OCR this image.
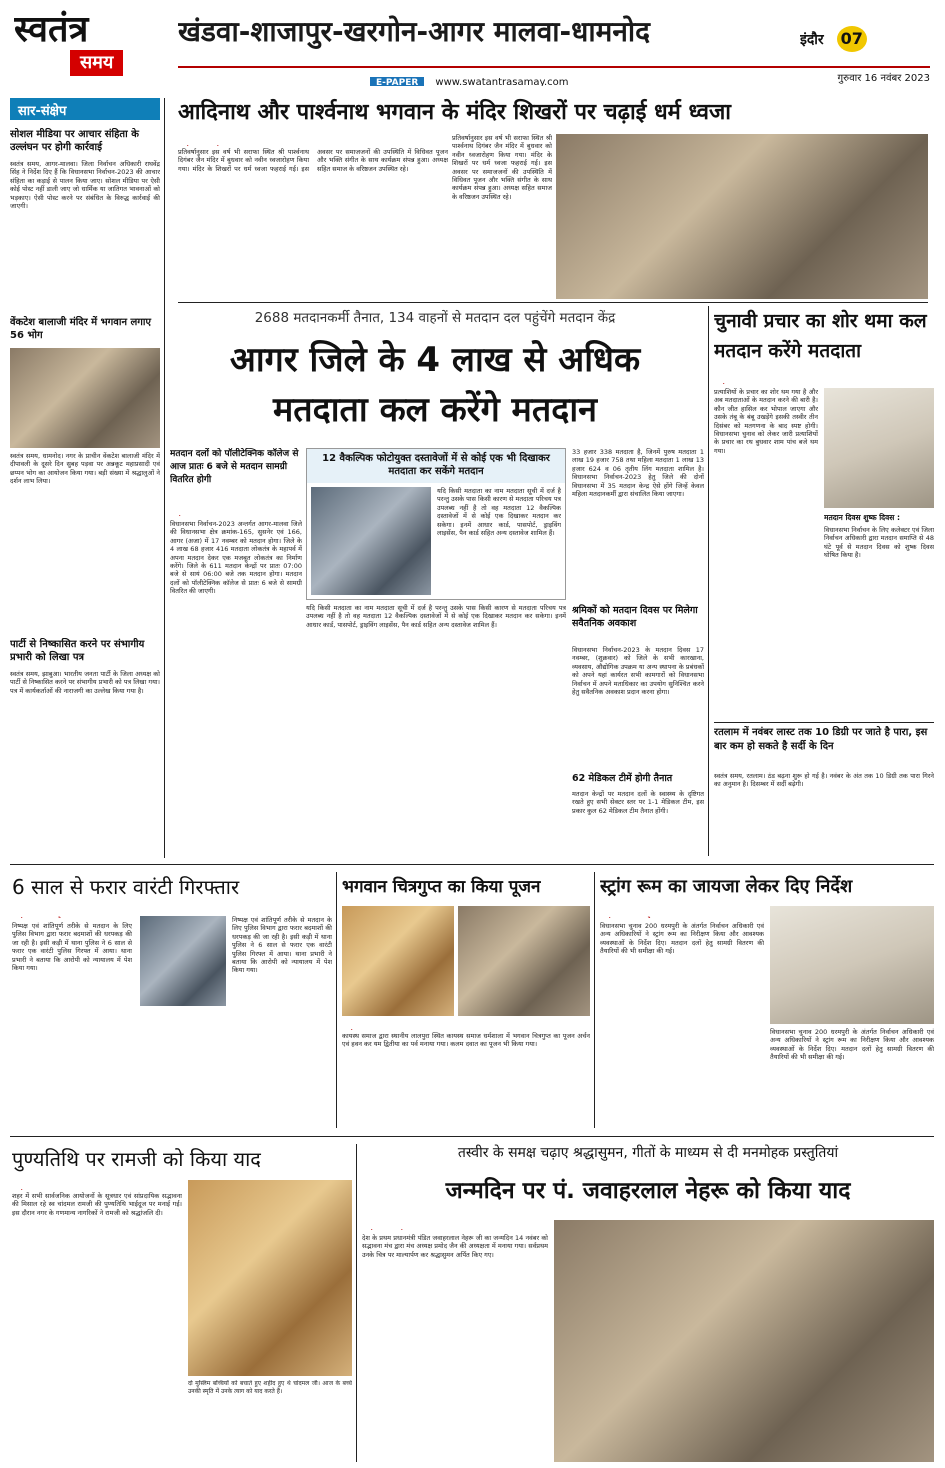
स्वतंत्र
समय
खंडवा-शाजापुर-खरगोन-आगर मालवा-धामनोद	इंदौर 07
E-PAPER www.swatantrasamay.com	गुरुवार 16 नवंबर 2023
सार-संक्षेप
सोशल मीडिया पर आचार संहिता के उल्लंघन पर होगी कार्रवाई
स्वतंत्र समय, आगर-मालवा। जिला निर्वाचन अधिकारी राघवेंद्र सिंह ने निर्देश दिए हैं कि विधानसभा निर्वाचन-2023 की आचार संहिता का कड़ाई से पालन किया जाए। सोशल मीडिया पर ऐसी कोई पोस्ट नहीं डाली जाए जो धार्मिक या जातिगत भावनाओं को भड़काए। ऐसी पोस्ट करने पर संबंधित के विरुद्ध कार्रवाई की जाएगी।
वेंकटेश बालाजी मंदिर में भगवान लगाए 56 भोग
स्वतंत्र समय, धामनोद। नगर के प्राचीन वेंकटेश बालाजी मंदिर में दीपावली के दूसरे दिन सुबह पड़वा पर अन्नकूट महाप्रसादी एवं छप्पन भोग का आयोजन किया गया। बड़ी संख्या में श्रद्धालुओं ने दर्शन लाभ लिया।
पार्टी से निष्कासित करने पर संभागीय प्रभारी को लिखा पत्र
स्वतंत्र समय, झाबुआ। भारतीय जनता पार्टी के जिला अध्यक्ष को पार्टी से निष्कासित करने पर संभागीय प्रभारी को पत्र लिखा गया। पत्र में कार्यकर्ताओं की नाराजगी का उल्लेख किया गया है।
आदिनाथ और पार्श्वनाथ भगवान के मंदिर शिखरों पर चढ़ाई धर्म ध्वजा
प्रतिवर्षानुसार इस वर्ष भी सराफा स्थित श्री पार्श्वनाथ दिगंबर जैन मंदिर में बुधवार को नवीन ध्वजारोहण किया गया। मंदिर के शिखरों पर धर्म ध्वजा फहराई गई। इस अवसर पर समाजजनों की उपस्थिति में विधिवत पूजन और भक्ति संगीत के साथ कार्यक्रम संपन्न हुआ। अध्यक्ष सहित समाज के वरिष्ठजन उपस्थित रहे।
प्रतिवर्षानुसार इस वर्ष भी सराफा स्थित श्री पार्श्वनाथ दिगंबर जैन मंदिर में बुधवार को नवीन ध्वजारोहण किया गया। मंदिर के शिखरों पर धर्म ध्वजा फहराई गई। इस अवसर पर समाजजनों की उपस्थिति में विधिवत पूजन और भक्ति संगीत के साथ कार्यक्रम संपन्न हुआ। अध्यक्ष सहित समाज के वरिष्ठजन उपस्थित रहे।
2688 मतदानकर्मी तैनात, 134 वाहनों से मतदान दल पहुंचेंगे मतदान केंद्र
आगर जिले के 4 लाख से अधिक
मतदाता कल करेंगे मतदान
मतदान दलों को पॉलीटेक्निक कॉलेज से आज प्रातः 6 बजे से मतदान सामग्री वितरित होगी
विधानसभा निर्वाचन-2023 अन्तर्गत आगर-मालवा जिले की विधानसभा क्षेत्र क्रमांक-165, सुसनेर एवं 166, आगर (अजा) में 17 नवम्बर को मतदान होगा। जिले के 4 लाख 68 हजार 416 मतदाता लोकतंत्र के महापर्व में अपना मतदान देकर एक मजबूत लोकतंत्र का निर्माण करेंगे। जिले के 611 मतदान केन्द्रों पर प्रातः 07:00 बजे से सायं 06:00 बजे तक मतदान होगा। मतदान दलों को पॉलीटेक्निक कॉलेज से प्रातः 6 बजे से सामग्री वितरित की जाएगी।
12 वैकल्पिक फोटोयुक्त दस्तावेजों में से कोई एक भी दिखाकर मतदाता कर सकेंगे मतदान
यदि किसी मतदाता का नाम मतदाता सूची में दर्ज है परन्तु उसके पास किसी कारण से मतदाता परिचय पत्र उपलब्ध नहीं है तो वह मतदाता 12 वैकल्पिक दस्तावेजों में से कोई एक दिखाकर मतदान कर सकेगा। इनमें आधार कार्ड, पासपोर्ट, ड्राइविंग लाइसेंस, पैन कार्ड सहित अन्य दस्तावेज शामिल हैं।
यदि किसी मतदाता का नाम मतदाता सूची में दर्ज है परन्तु उसके पास किसी कारण से मतदाता परिचय पत्र उपलब्ध नहीं है तो वह मतदाता 12 वैकल्पिक दस्तावेजों में से कोई एक दिखाकर मतदान कर सकेगा। इनमें आधार कार्ड, पासपोर्ट, ड्राइविंग लाइसेंस, पैन कार्ड सहित अन्य दस्तावेज शामिल हैं।
33 हजार 338 मतदाता है, जिनमें पुरुष मतदाता 1 लाख 19 हजार 758 तथा महिला मतदाता 1 लाख 13 हजार 624 व 06 तृतीय लिंग मतदाता शामिल है। विधानसभा निर्वाचन-2023 हेतु जिले की दोनों विधानसभा में 35 मतदान केन्द्र ऐसे होंगे जिन्हें केवल महिला मतदानकर्मी द्वारा संचालित किया जाएगा।
श्रमिकों को मतदान दिवस पर मिलेगा सवैतनिक अवकाश
विधानसभा निर्वाचन-2023 के मतदान दिवस 17 नवम्बर, (शुक्रवार) को जिले के सभी कारखाना, व्यवसाय, औद्योगिक उपक्रम या अन्य स्थापना के प्रबंधकों को अपने यहां कार्यरत सभी कामगारों को विधानसभा निर्वाचन में अपने मताधिकार का उपयोग सुनिश्चित करने हेतु सवैतनिक अवकाश प्रदान करना होगा।
62 मेडिकल टीमें होगी तैनात
मतदान केन्द्रों पर मतदान दलों के स्वास्थ्य के दृष्टिगत रखते हुए सभी सेक्टर स्तर पर 1-1 मेडिकल टीम, इस प्रकार कुल 62 मेडिकल टीम तैनात होंगी।
चुनावी प्रचार का शोर थमा कल मतदान करेंगे मतदाता
प्रत्याशियों के प्रचार का शोर थम गया है और अब मतदाताओं के मतदान करने की बारी है। कौन जीत हासिल कर भोपाल जाएगा और उसके तंबू के बंबू उखड़ेंगे इसकी तस्वीर तीन दिसंबर को मतगणना के बाद स्पष्ट होगी। विधानसभा चुनाव को लेकर जारी प्रत्याशियों के प्रचार का रथ बुधवार शाम पांच बजे थम गया।
मतदान दिवस शुष्क दिवस :
विधानसभा निर्वाचन के लिए कलेक्टर एवं जिला निर्वाचन अधिकारी द्वारा मतदान समाप्ति से 48 घंटे पूर्व से मतदान दिवस को शुष्क दिवस घोषित किया है।
रतलाम में नवंबर लास्ट तक 10 डिग्री पर जाते है पारा, इस बार कम हो सकते है सर्दी के दिन
स्वतंत्र समय, रतलाम। ठंड बढ़ना शुरू हो गई है। नवंबर के अंत तक 10 डिग्री तक पारा गिरने का अनुमान है। दिसम्बर में सर्दी बढ़ेगी।
6 साल से फरार वारंटी गिरफ्तार
निष्पक्ष एवं शांतिपूर्ण तरीके से मतदान के लिए पुलिस विभाग द्वारा फरार बदमाशों की धरपकड़ की जा रही है। इसी कड़ी में थाना पुलिस ने 6 साल से फरार एक वारंटी पुलिस गिरफ्त में आया। थाना प्रभारी ने बताया कि आरोपी को न्यायालय में पेश किया गया।
निष्पक्ष एवं शांतिपूर्ण तरीके से मतदान के लिए पुलिस विभाग द्वारा फरार बदमाशों की धरपकड़ की जा रही है। इसी कड़ी में थाना पुलिस ने 6 साल से फरार एक वारंटी पुलिस गिरफ्त में आया। थाना प्रभारी ने बताया कि आरोपी को न्यायालय में पेश किया गया।
भगवान चित्रगुप्त का किया पूजन
कायस्थ समाज द्वारा स्थानीय लालपुरा स्थित कायस्थ समाज धर्मशाला में भगवान चित्रगुप्त का पूजन अर्चन एवं हवन कर यम द्वितीया का पर्व मनाया गया। कलम दवात का पूजन भी किया गया।
स्ट्रांग रूम का जायजा लेकर दिए निर्देश
विधानसभा चुनाव 200 धरमपुरी के अंतर्गत निर्वाचन अधिकारी एवं अन्य अधिकारियों ने स्ट्रांग रूम का निरीक्षण किया और आवश्यक व्यवस्थाओं के निर्देश दिए। मतदान दलों हेतु सामग्री वितरण की तैयारियों की भी समीक्षा की गई।
विधानसभा चुनाव 200 धरमपुरी के अंतर्गत निर्वाचन अधिकारी एवं अन्य अधिकारियों ने स्ट्रांग रूम का निरीक्षण किया और आवश्यक व्यवस्थाओं के निर्देश दिए। मतदान दलों हेतु सामग्री वितरण की तैयारियों की भी समीक्षा की गई।
पुण्यतिथि पर रामजी को किया याद
शहर में सभी सार्वजनिक आयोजनों के सूत्रधार एवं सांप्रदायिक सद्भावना की मिसाल रहे स्व चांदमल रामजी की पुण्यतिथि भाईदूज पर मनाई गई। इस दौरान नगर के गणमान्य नागरिकों ने रामजी को श्रद्धांजलि दी।
दो मुस्लिम बच्चियों को बचाते हुए शहीद हुए थे चांदमल जी। आज के बच्चे उनकी स्मृति में उनके त्याग को याद करते हैं।
तस्वीर के समक्ष चढ़ाए श्रद्धासुमन, गीतों के माध्यम से दी मनमोहक प्रस्तुतियां
जन्मदिन पर पं. जवाहरलाल नेहरू को किया याद
देश के प्रथम प्रधानमंत्री पंडित जवाहरलाल नेहरू जी का जन्मदिन 14 नवंबर को सद्भावना मंच द्वारा मंच अध्यक्ष प्रमोद जैन की अध्यक्षता में मनाया गया। सर्वप्रथम उनके चित्र पर माल्यार्पण कर श्रद्धासुमन अर्पित किए गए।
